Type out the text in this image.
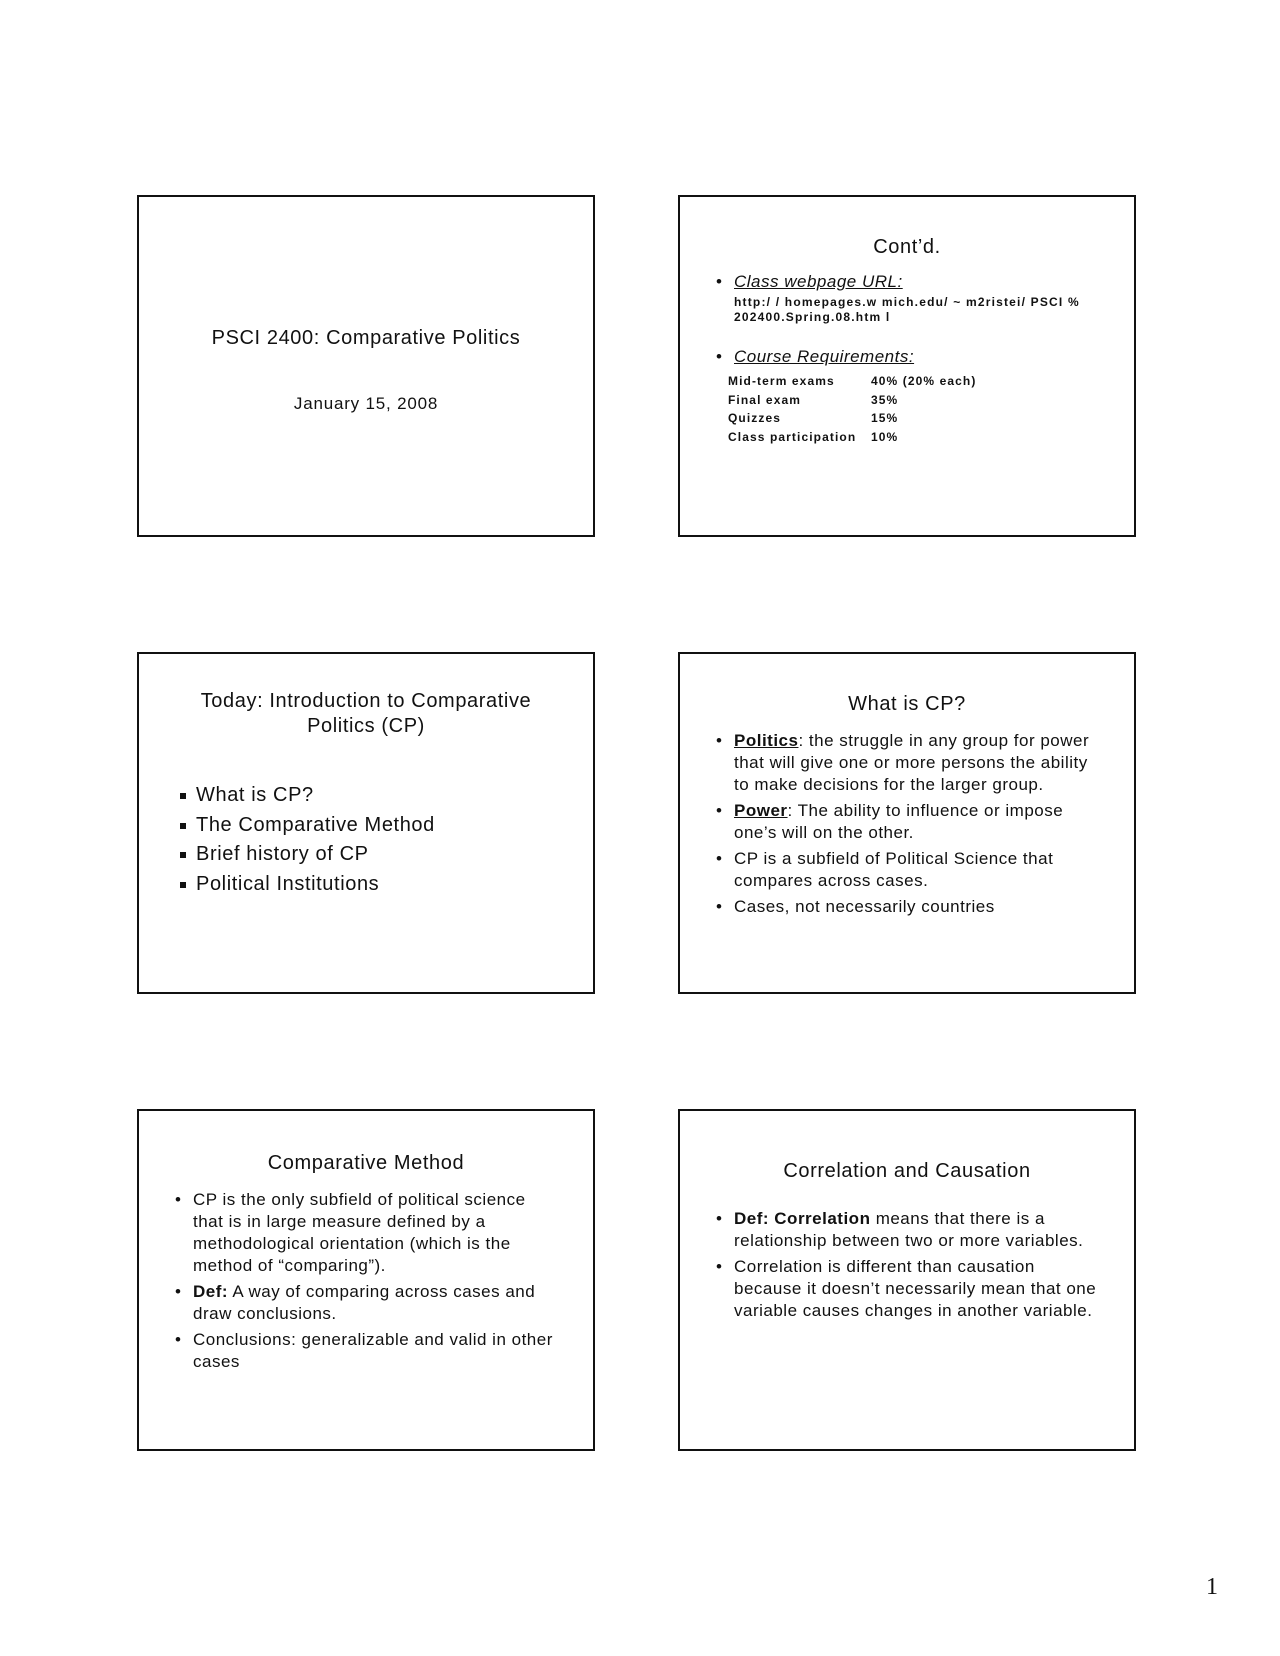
PSCI 2400: Comparative Politics
January 15, 2008
Cont’d.
• Class webpage URL:
http:/ / homepages.w mich.edu/ ~ m2ristei/ PSCI %
202400.Spring.08.htm l
• Course Requirements:
Mid-term exams	40% (20% each)
Final exam	35%
Quizzes	15%
Class participation	10%
Today: Introduction to Comparative
Politics (CP)
What is CP?
The Comparative Method
Brief history of CP
Political Institutions
What is CP?
• Politics: the struggle in any group for power that will give one or more persons the ability to make decisions for the larger group.
• Power: The ability to influence or impose one’s will on the other.
• CP is a subfield of Political Science that compares across cases.
• Cases, not necessarily countries
Comparative Method
• CP is the only subfield of political science that is in large measure defined by a methodological orientation (which is the method of “comparing”).
• Def: A way of comparing across cases and draw conclusions.
• Conclusions: generalizable and valid in other cases
Correlation and Causation
• Def: Correlation means that there is a relationship between two or more variables.
• Correlation is different than causation because it doesn’t necessarily mean that one variable causes changes in another variable.
1
